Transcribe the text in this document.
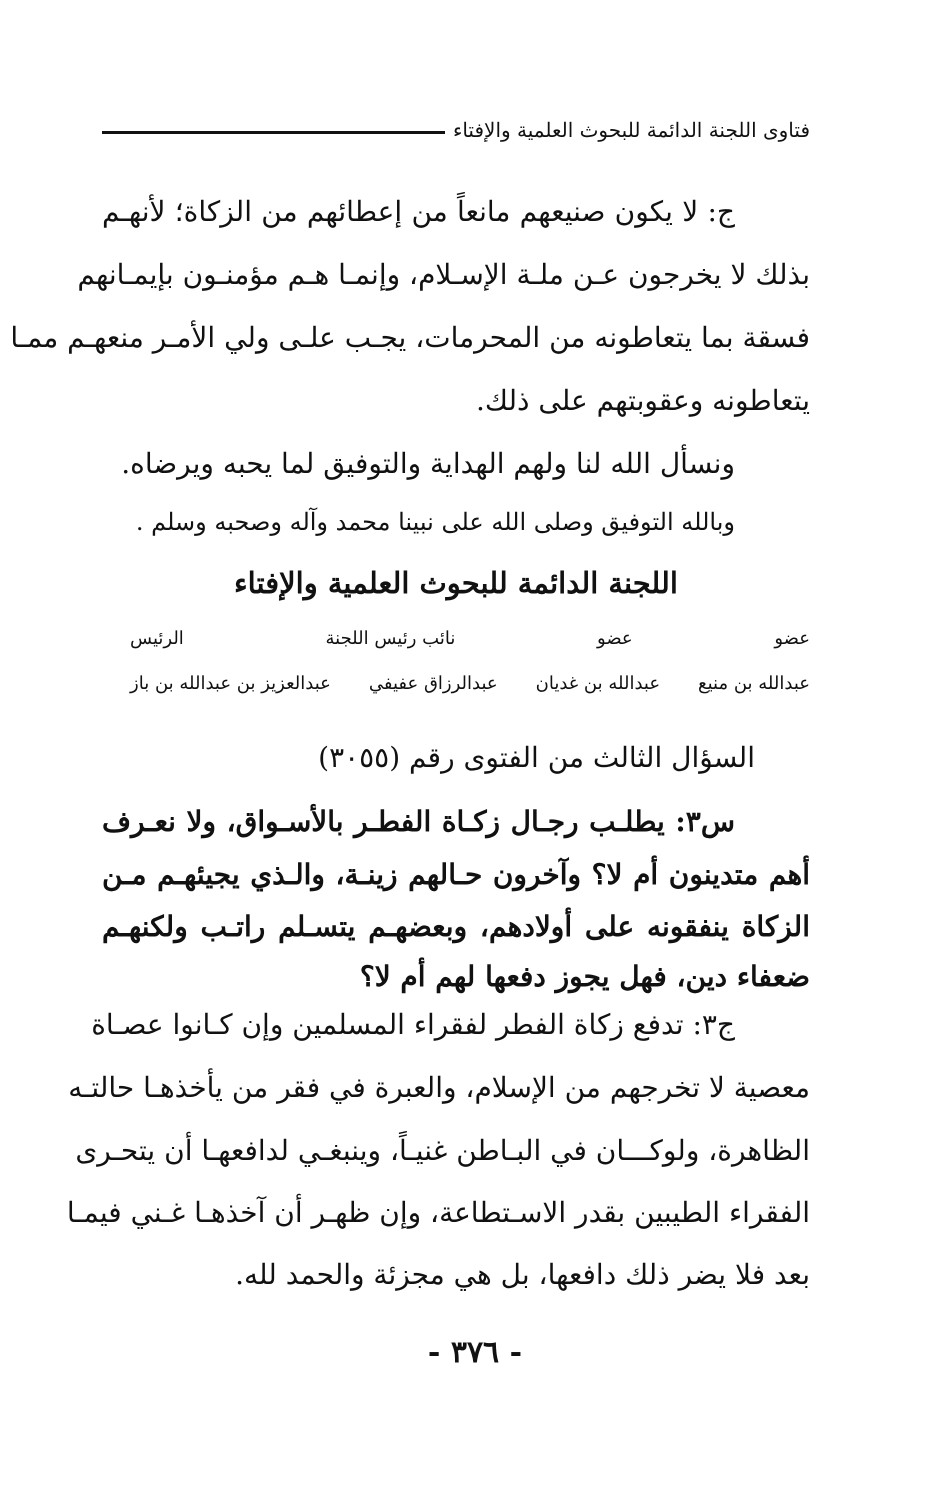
فتاوى اللجنة الدائمة للبحوث العلمية والإفتاء
ج: لا يكون صنيعهم مانعاً من إعطائهم من الزكاة؛ لأنهـم
بذلك لا يخرجون عـن ملـة الإسـلام، وإنمـا هـم مؤمنـون بإيمـانهم
فسقة بما يتعاطونه من المحرمات، يجـب علـى ولي الأمـر منعهـم ممـا
يتعاطونه وعقوبتهم على ذلك.
ونسأل الله لنا ولهم الهداية والتوفيق لما يحبه ويرضاه.
وبالله التوفيق وصلى الله على نبينا محمد وآله وصحبه وسلم .
اللجنة الدائمة للبحوث العلمية والإفتاء
عضو
عضو
نائب رئيس اللجنة
الرئيس
عبدالله بن منيع
عبدالله بن غديان
عبدالرزاق عفيفي
عبدالعزيز بن عبدالله بن باز
السؤال الثالث من الفتوى رقم (٣٠٥٥)
س٣: يطلـب رجـال زكـاة الفطـر بالأسـواق، ولا نعـرف
أهم متدينون أم لا؟ وآخرون حـالهم زينـة، والـذي يجيئهـم مـن
الزكاة ينفقونه على أولادهم، وبعضهـم يتسـلم راتـب ولكنهـم
ضعفاء دين، فهل يجوز دفعها لهم أم لا؟
ج٣: تدفع زكاة الفطر لفقراء المسلمين وإن كـانوا عصـاة
معصية لا تخرجهم من الإسلام، والعبرة في فقر من يأخذهـا حالتـه
الظاهرة، ولوكـــان في البـاطن غنيـاً، وينبغـي لدافعهـا أن يتحـرى
الفقراء الطيبين بقدر الاسـتطاعة، وإن ظهـر أن آخذهـا غـني فيمـا
بعد فلا يضر ذلك دافعها، بل هي مجزئة والحمد لله.
- ٣٧٦ -
